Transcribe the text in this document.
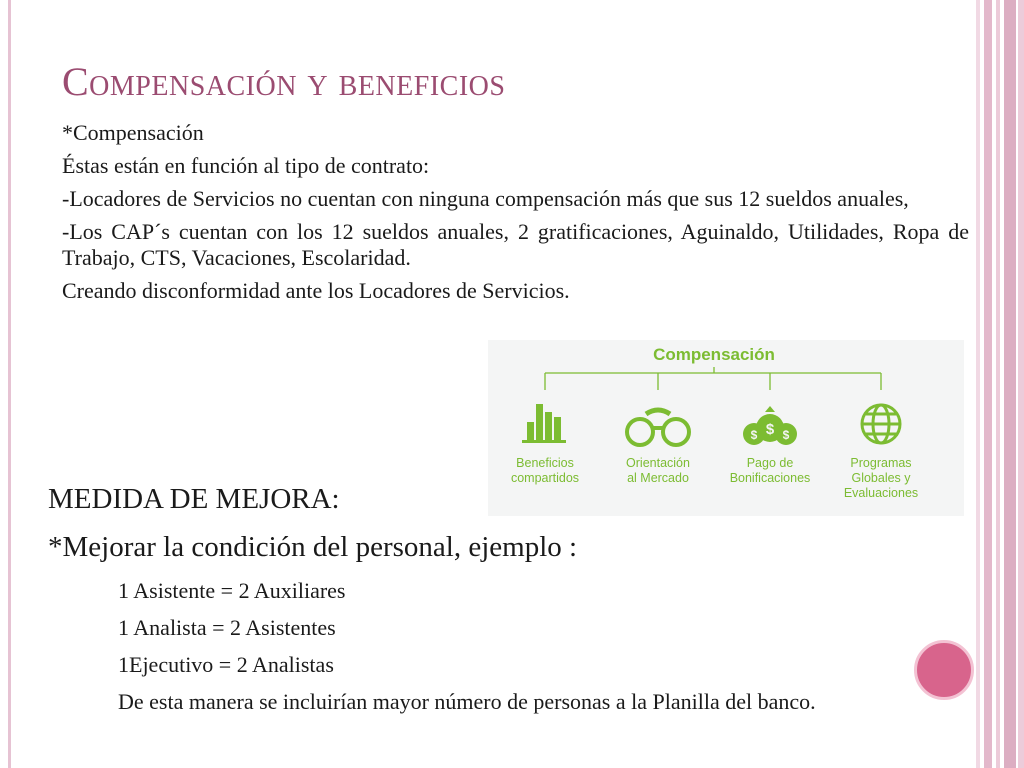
Compensación y beneficios

*Compensación

Éstas están en función al tipo de contrato:

-Locadores de Servicios no cuentan con ninguna compensación más que sus 12 sueldos anuales,

-Los CAP´s cuentan con los 12 sueldos anuales, 2 gratificaciones, Aguinaldo, Utilidades, Ropa de Trabajo, CTS, Vacaciones, Escolaridad.

Creando disconformidad ante los Locadores de Servicios.

Compensación
$
$ $
Beneficios
compartidos
Orientación
al Mercado
Pago de
Bonificaciones
Programas
Globales y
Evaluaciones
MEDIDA DE MEJORA:
*Mejorar la condición del personal, ejemplo :

1 Asistente = 2 Auxiliares

1 Analista = 2 Asistentes

1Ejecutivo = 2 Analistas

De esta manera se incluirían mayor número de personas a la Planilla del banco.
